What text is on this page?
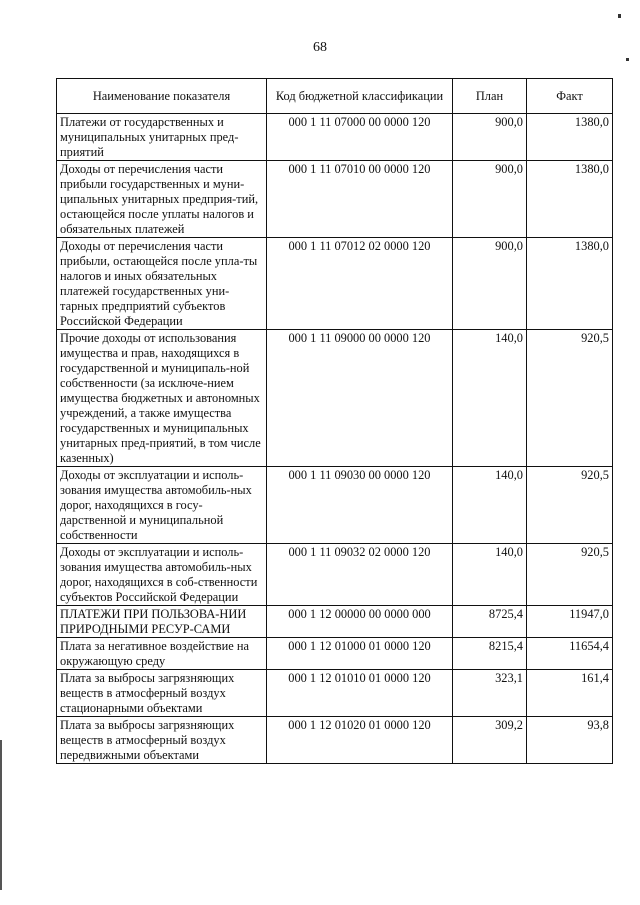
68
Наименование показателя	Код бюджетной классификации	План	Факт
Платежи от государственных и муниципальных унитарных пред-приятий	000 1 11 07000 00 0000 120	900,0	1380,0
Доходы от перечисления части прибыли государственных и муни-ципальных унитарных предприя-тий, остающейся после уплаты налогов и обязательных платежей	000 1 11 07010 00 0000 120	900,0	1380,0
Доходы от перечисления части прибыли, остающейся после упла-ты налогов и иных обязательных платежей государственных уни-тарных предприятий субъектов Российской Федерации	000 1 11 07012 02 0000 120	900,0	1380,0
Прочие доходы от использования имущества и прав, находящихся в государственной и муниципаль-ной собственности (за исключе-нием имущества бюджетных и автономных учреждений, а также имущества государственных и муниципальных унитарных пред-приятий, в том числе казенных)	000 1 11 09000 00 0000 120	140,0	920,5
Доходы от эксплуатации и исполь-зования имущества автомобиль-ных дорог, находящихся в госу-дарственной и муниципальной собственности	000 1 11 09030 00 0000 120	140,0	920,5
Доходы от эксплуатации и исполь-зования имущества автомобиль-ных дорог, находящихся в соб-ственности субъектов Российской Федерации	000 1 11 09032 02 0000 120	140,0	920,5
ПЛАТЕЖИ ПРИ ПОЛЬЗОВА-НИИ ПРИРОДНЫМИ РЕСУР-САМИ	000 1 12 00000 00 0000 000	8725,4	11947,0
Плата за негативное воздействие на окружающую среду	000 1 12 01000 01 0000 120	8215,4	11654,4
Плата за выбросы загрязняющих веществ в атмосферный воздух стационарными объектами	000 1 12 01010 01 0000 120	323,1	161,4
Плата за выбросы загрязняющих веществ в атмосферный воздух передвижными объектами	000 1 12 01020 01 0000 120	309,2	93,8
